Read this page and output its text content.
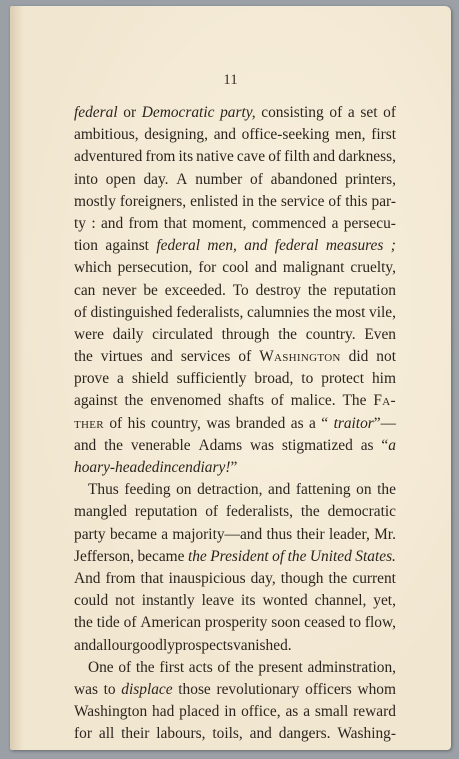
11
federal or Democratic party, consisting of a set of
ambitious, designing, and office-seeking men, first
adventured from its native cave of filth and darkness,
into open day. A number of abandoned printers,
mostly foreigners, enlisted in the service of this par-
ty : and from that moment, commenced a persecu-
tion against federal men, and federal measures ;
which persecution, for cool and malignant cruelty,
can never be exceeded. To destroy the reputation
of distinguished federalists, calumnies the most vile,
were daily circulated through the country. Even
the virtues and services of Washington did not
prove a shield sufficiently broad, to protect him
against the envenomed shafts of malice. The Fa-
ther of his country, was branded as a “ traitor”—
and the venerable Adams was stigmatized as “a
hoary-headed incendiary !”
Thus feeding on detraction, and fattening on the
mangled reputation of federalists, the democratic
party became a majority—and thus their leader, Mr.
Jefferson, became the President of the United States.
And from that inauspicious day, though the current
could not instantly leave its wonted channel, yet,
the tide of American prosperity soon ceased to flow,
and all our goodly prospects vanished.
One of the first acts of the present adminstration,
was to displace those revolutionary officers whom
Washington had placed in office, as a small reward
for all their labours, toils, and dangers. Washing-
